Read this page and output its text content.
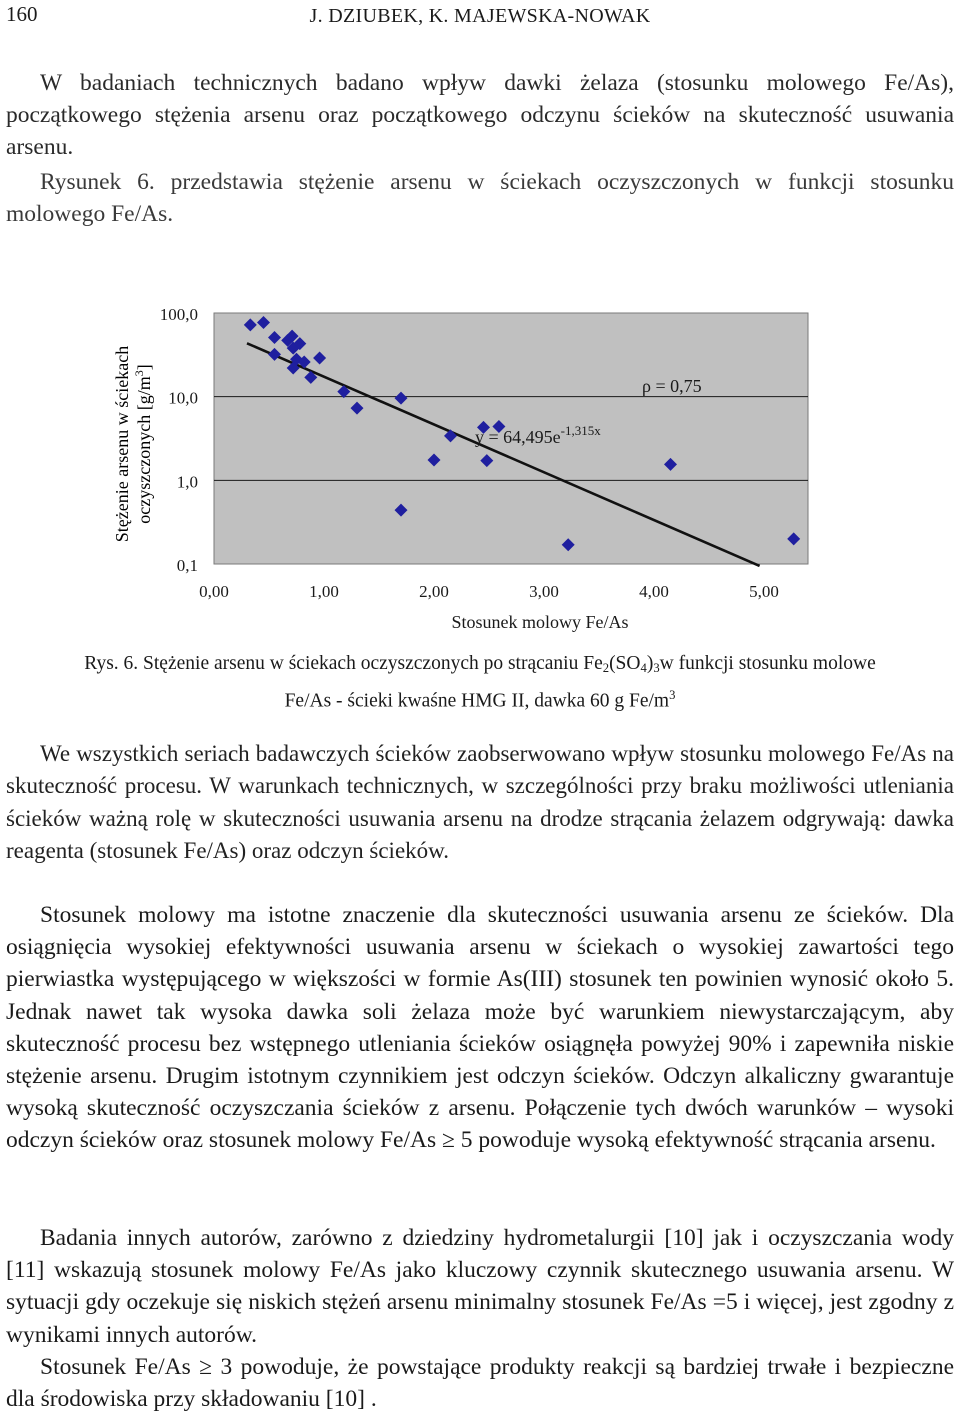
160	J. DZIUBEK, K. MAJEWSKA-NOWAK

W badaniach technicznych badano wpływ dawki żelaza (stosunku molowego Fe/As), początkowego stężenia arsenu oraz początkowego odczynu ścieków na skuteczność usuwania arsenu.

Rysunek 6. przedstawia stężenie arsenu w ściekach oczyszczonych w funkcji stosunku molowego Fe/As.

0,1
1,0
10,0
100,0
0,00	1,00	2,00	3,00	4,00	5,00
$y = 64,495e^{-1,315x}$
ρ = 0,75
Stosunek molowy Fe/As
Stężenie arsenu w ściekach oczyszczonych $[g/m^3]$

Rys. 6. Stężenie arsenu w ściekach oczyszczonych po strącaniu $Fe_2(SO_4)_3w$ funkcji stosunku molowe
Fe/As - ścieki kwaśne HMG II, dawka 60 g $Fe/m^3$

We wszystkich seriach badawczych ścieków zaobserwowano wpływ stosunku molowego Fe/As na skuteczność procesu. W warunkach technicznych, w szczególności przy braku możliwości utleniania ścieków ważną rolę w skuteczności usuwania arsenu na drodze strącania żelazem odgrywają: dawka reagenta (stosunek Fe/As) oraz odczyn ścieków.

Stosunek molowy ma istotne znaczenie dla skuteczności usuwania arsenu ze ścieków. Dla osiągnięcia wysokiej efektywności usuwania arsenu w ściekach o wysokiej zawartości tego pierwiastka występującego w większości w formie As(III) stosunek ten powinien wynosić około 5. Jednak nawet tak wysoka dawka soli żelaza może być warunkiem niewystarczającym, aby skuteczność procesu bez wstępnego utleniania ścieków osiągnęła powyżej 90% i zapewniła niskie stężenie arsenu. Drugim istotnym czynnikiem jest odczyn ścieków. Odczyn alkaliczny gwarantuje wysoką skuteczność oczyszczania ścieków z arsenu. Połączenie tych dwóch warunków – wysoki odczyn ścieków oraz stosunek molowy Fe/As ≥ 5 powoduje wysoką efektywność strącania arsenu.

Badania innych autorów, zarówno z dziedziny hydrometalurgii [10] jak i oczyszczania wody [11] wskazują stosunek molowy Fe/As jako kluczowy czynnik skutecznego usuwania arsenu. W sytuacji gdy oczekuje się niskich stężeń arsenu minimalny stosunek Fe/As =5 i więcej, jest zgodny z wynikami innych autorów.

Stosunek Fe/As ≥ 3 powoduje, że powstające produkty reakcji są bardziej trwałe i bezpieczne dla środowiska przy składowaniu [10] .
